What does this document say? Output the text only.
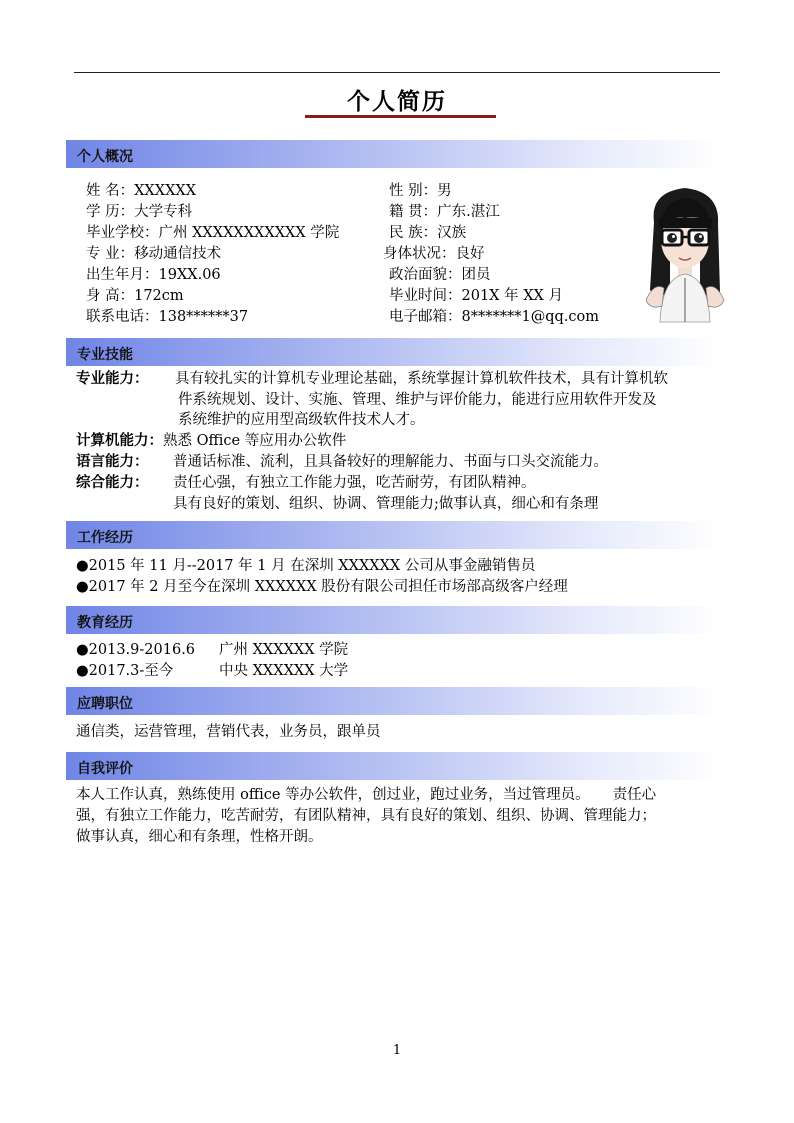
个人简历
个人概况
姓 名：XXXXXX	性 别：男
学 历：大学专科	籍 贯：广东.湛江
毕业学校：广州 XXXXXXXXXXX 学院	民 族：汉族
专 业：移动通信技术	身体状况：良好
出生年月：19XX.06	政治面貌：团员
身 高：172cm	毕业时间：201X 年 XX 月
联系电话：138******37	电子邮箱：8*******1@qq.com
专业技能
专业能力： 具有较扎实的计算机专业理论基础，系统掌握计算机软件技术，具有计算机软
件系统规划、设计、实施、管理、维护与评价能力，能进行应用软件开发及
系统维护的应用型高级软件技术人才。
计算机能力：熟悉 Office 等应用办公软件
语言能力： 普通话标准、流利，且具备较好的理解能力、书面与口头交流能力。
综合能力： 责任心强，有独立工作能力强，吃苦耐劳，有团队精神。
具有良好的策划、组织、协调、管理能力;做事认真，细心和有条理
工作经历
●2015 年 11 月--2017 年 1 月 在深圳 XXXXXX 公司从事金融销售员
●2017 年 2 月至今在深圳 XXXXXX 股份有限公司担任市场部高级客户经理
教育经历
●2013.9-2016.6 广州 XXXXXX 学院
●2017.3-至今	中央 XXXXXX 大学
应聘职位
通信类，运营管理，营销代表，业务员，跟单员
自我评价
本人工作认真，熟练使用 office 等办公软件，创过业，跑过业务，当过管理员。     责任心
强，有独立工作能力，吃苦耐劳，有团队精神，具有良好的策划、组织、协调、管理能力；
做事认真，细心和有条理，性格开朗。
1
